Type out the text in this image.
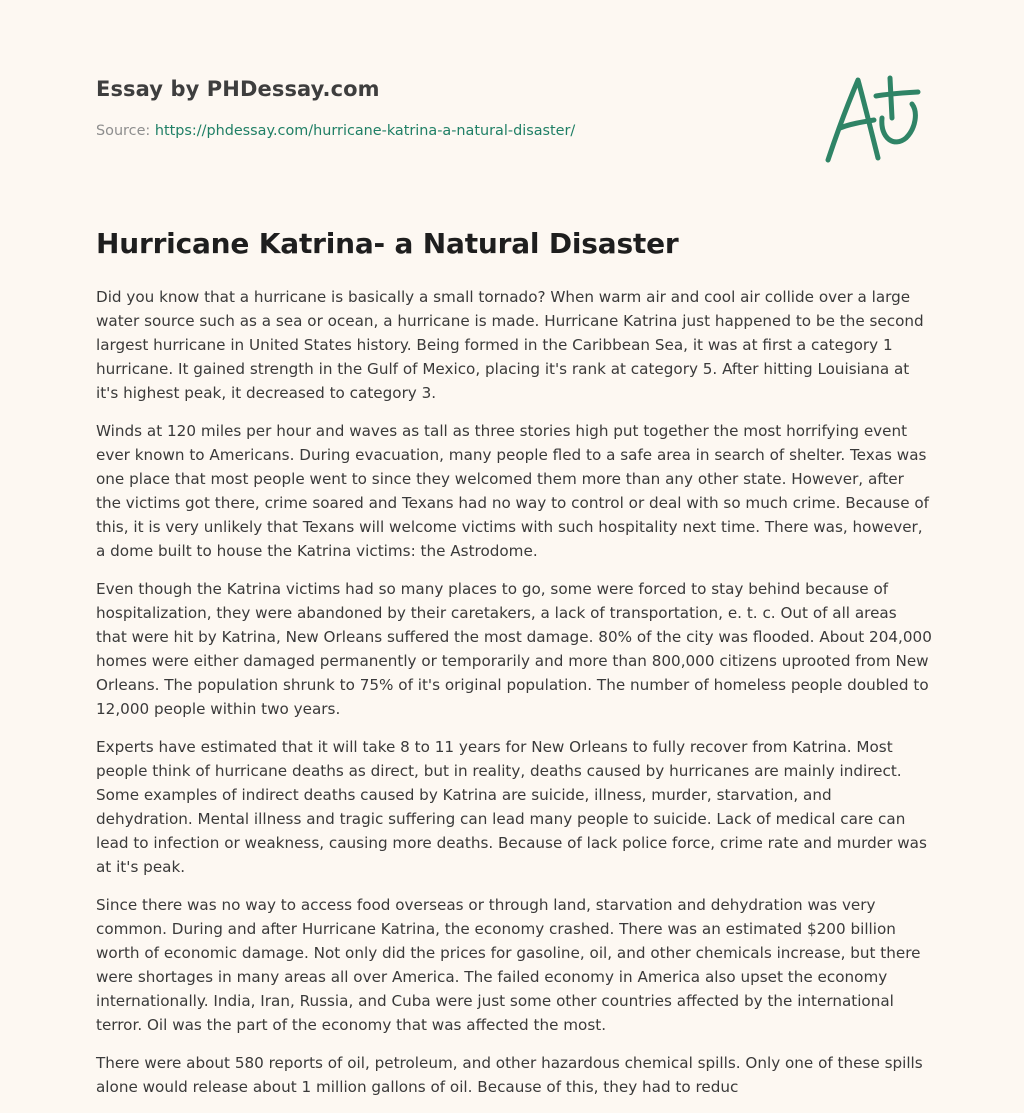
Essay by PHDessay.com
Source: https://phdessay.com/hurricane-katrina-a-natural-disaster/
Hurricane Katrina- a Natural Disaster

Did you know that a hurricane is basically a small tornado? When warm air and cool air collide over a large water source such as a sea or ocean, a hurricane is made. Hurricane Katrina just happened to be the second largest hurricane in United States history. Being formed in the Caribbean Sea, it was at first a category 1 hurricane. It gained strength in the Gulf of Mexico, placing it's rank at category 5. After hitting Louisiana at it's highest peak, it decreased to category 3.

Winds at 120 miles per hour and waves as tall as three stories high put together the most horrifying event ever known to Americans. During evacuation, many people fled to a safe area in search of shelter. Texas was one place that most people went to since they welcomed them more than any other state. However, after the victims got there, crime soared and Texans had no way to control or deal with so much crime. Because of this, it is very unlikely that Texans will welcome victims with such hospitality next time. There was, however, a dome built to house the Katrina victims: the Astrodome.

Even though the Katrina victims had so many places to go, some were forced to stay behind because of hospitalization, they were abandoned by their caretakers, a lack of transportation, e. t. c. Out of all areas that were hit by Katrina, New Orleans suffered the most damage. 80% of the city was flooded. About 204,000 homes were either damaged permanently or temporarily and more than 800,000 citizens uprooted from New Orleans. The population shrunk to 75% of it's original population. The number of homeless people doubled to 12,000 people within two years.

Experts have estimated that it will take 8 to 11 years for New Orleans to fully recover from Katrina. Most people think of hurricane deaths as direct, but in reality, deaths caused by hurricanes are mainly indirect. Some examples of indirect deaths caused by Katrina are suicide, illness, murder, starvation, and dehydration. Mental illness and tragic suffering can lead many people to suicide. Lack of medical care can lead to infection or weakness, causing more deaths. Because of lack police force, crime rate and murder was at it's peak.

Since there was no way to access food overseas or through land, starvation and dehydration was very common. During and after Hurricane Katrina, the economy crashed. There was an estimated $200 billion worth of economic damage. Not only did the prices for gasoline, oil, and other chemicals increase, but there were shortages in many areas all over America. The failed economy in America also upset the economy internationally. India, Iran, Russia, and Cuba were just some other countries affected by the international terror. Oil was the part of the economy that was affected the most.

There were about 580 reports of oil, petroleum, and other hazardous chemical spills. Only one of these spills alone would release about 1 million gallons of oil. Because of this, they had to reduc
